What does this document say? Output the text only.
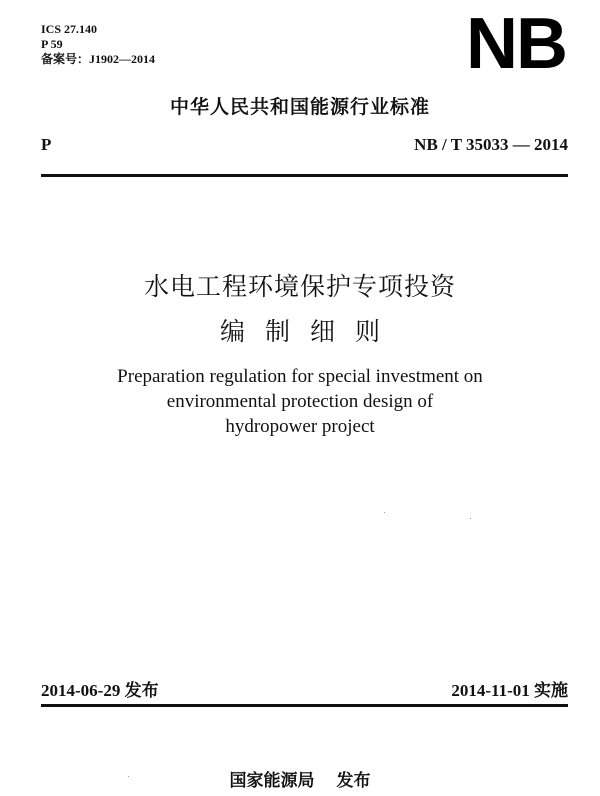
ICS 27.140
P 59
备案号：J1902—2014	NB
中华人民共和国能源行业标准
P	NB / T 35033 — 2014
水电工程环境保护专项投资
编制细则
Preparation regulation for special investment on
environmental protection design of
hydropower project
2014-06-29 发布	2014-11-01 实施
国家能源局 发布
